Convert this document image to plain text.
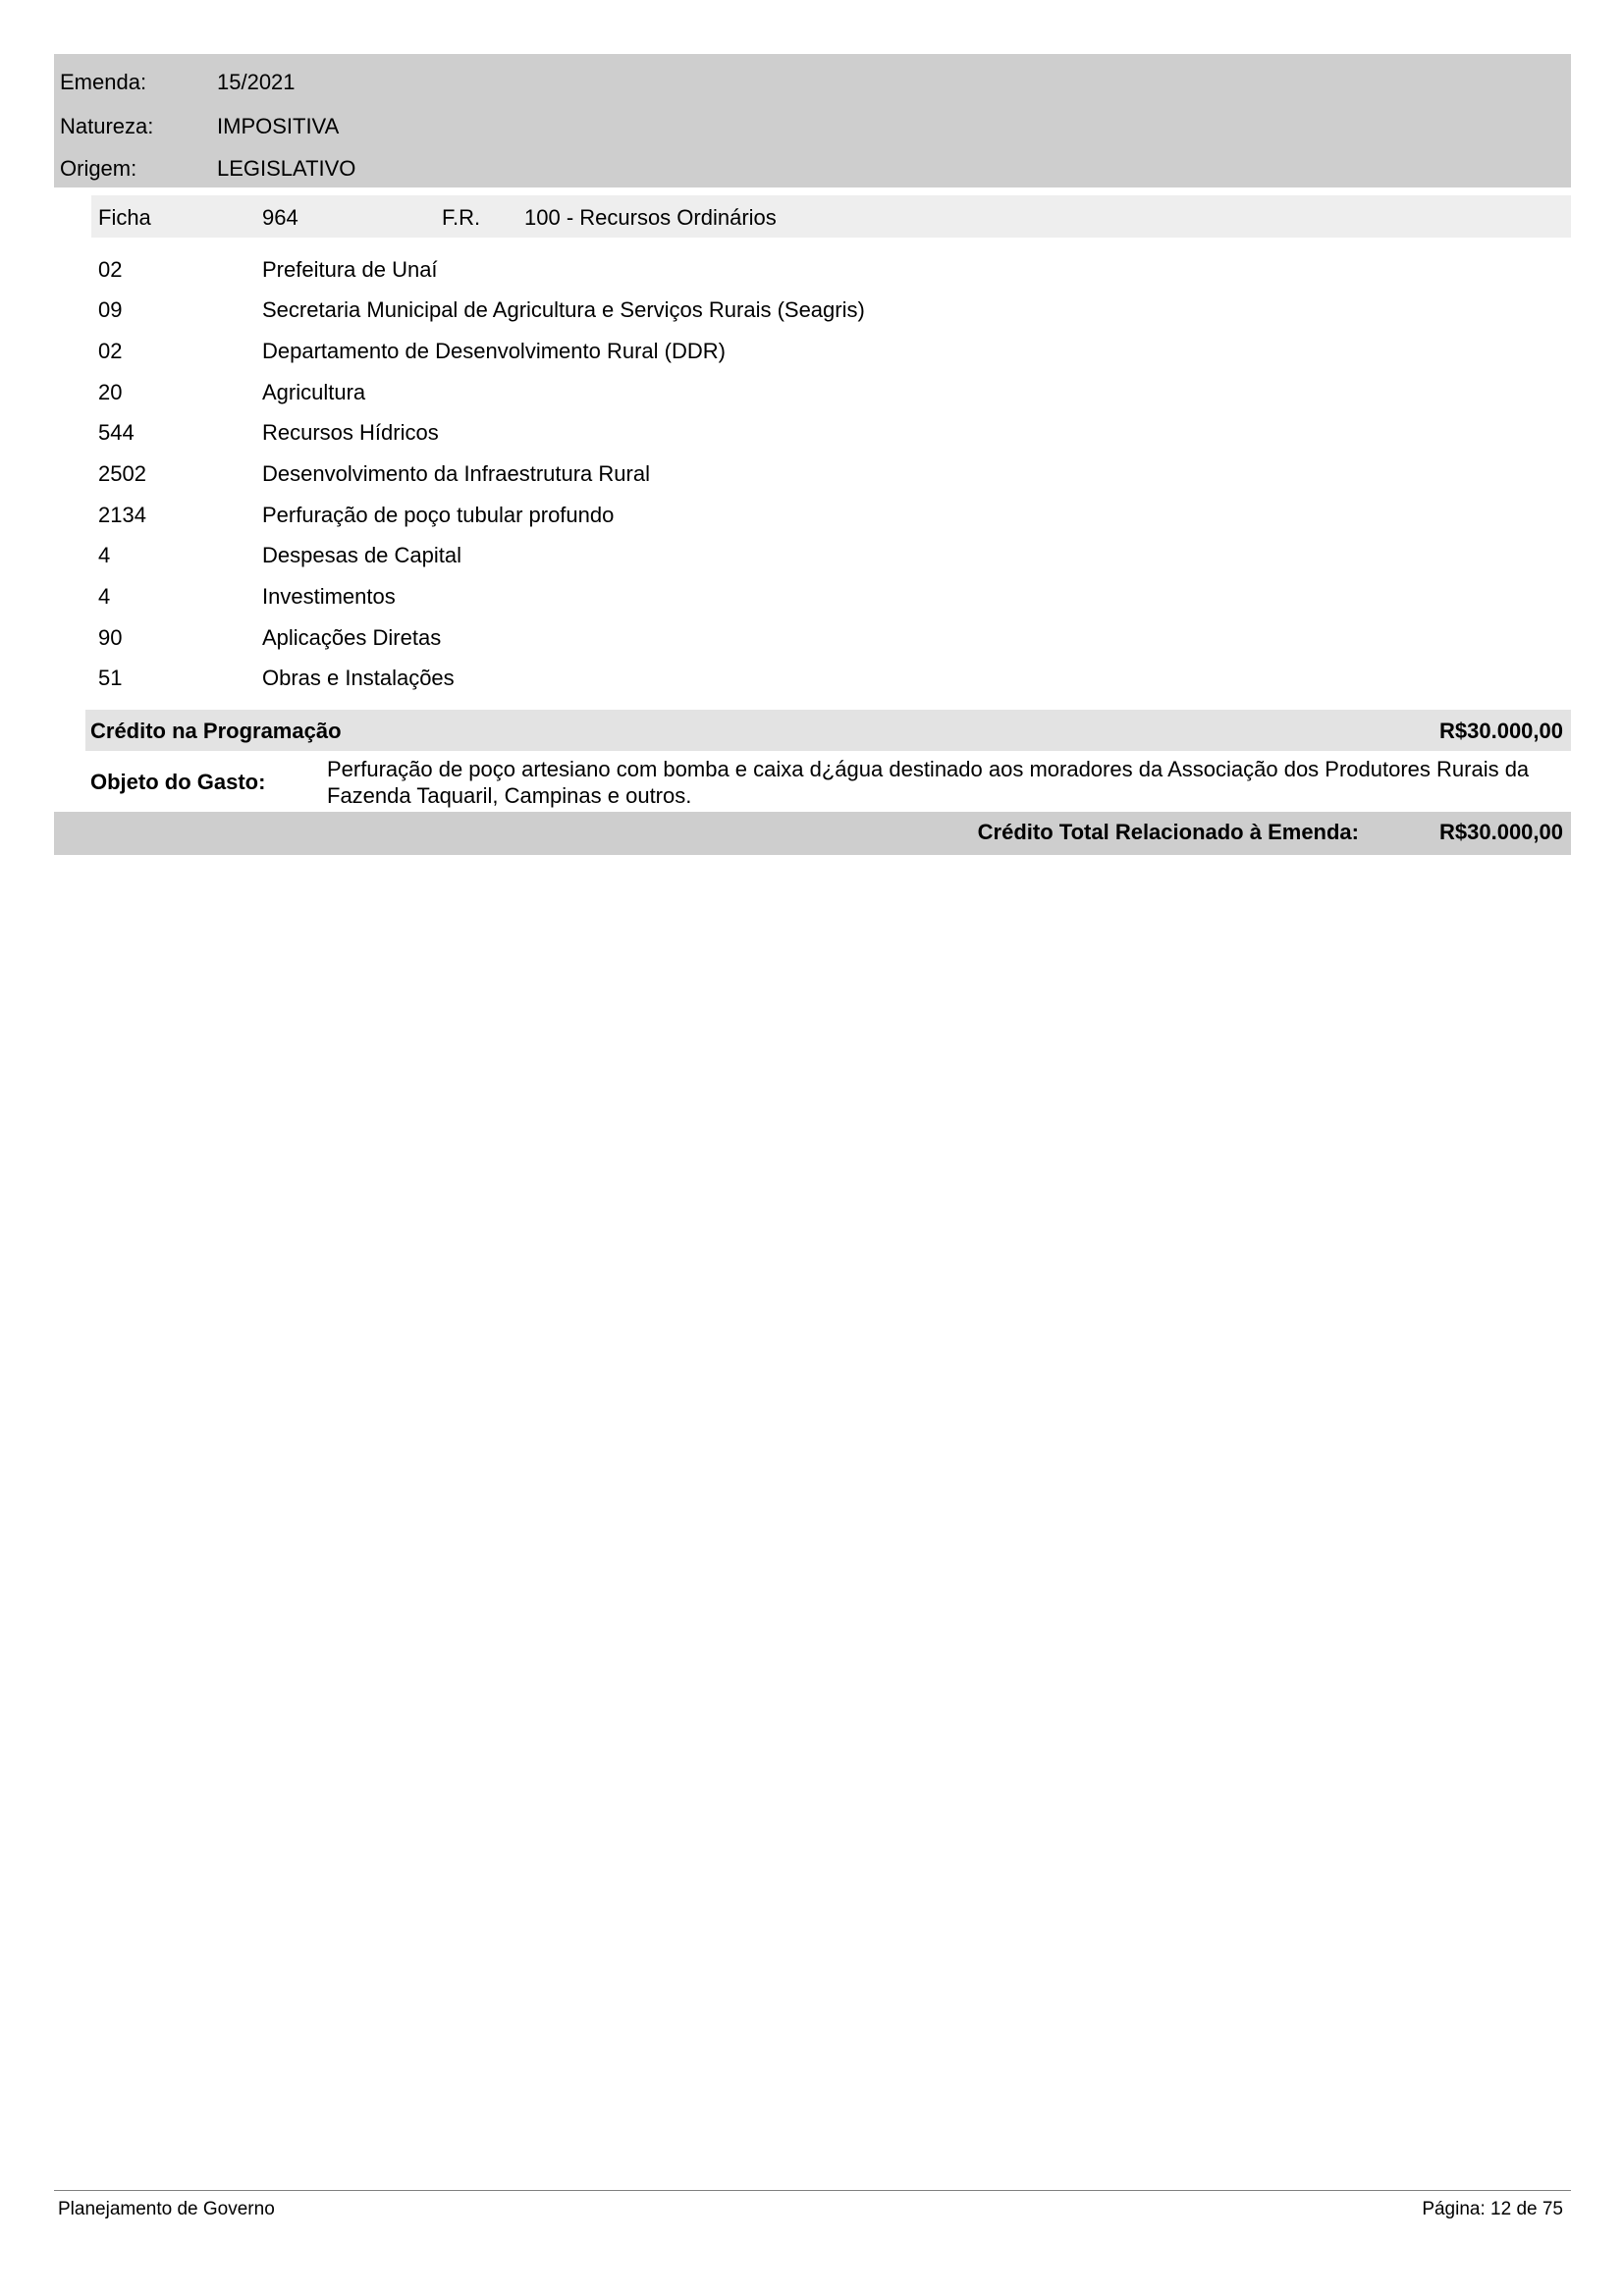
Emenda:	15/2021
Natureza:	IMPOSITIVA
Origem:	LEGISLATIVO
Ficha	964	F.R. 100 - Recursos Ordinários
02	Prefeitura de Unaí
09	Secretaria Municipal de Agricultura e Serviços Rurais (Seagris)
02	Departamento de Desenvolvimento Rural (DDR)
20	Agricultura
544	Recursos Hídricos
2502	Desenvolvimento da Infraestrutura Rural
2134	Perfuração de poço tubular profundo
4	Despesas de Capital
4	Investimentos
90	Aplicações Diretas
51	Obras e Instalações
Crédito na Programação	R$30.000,00
Objeto do Gasto:
Perfuração de poço artesiano com bomba e caixa d¿água destinado aos moradores da Associação dos Produtores Rurais da Fazenda Taquaril, Campinas e outros.
Crédito Total Relacionado à Emenda:	R$30.000,00
Planejamento de Governo	Página: 12 de 75
